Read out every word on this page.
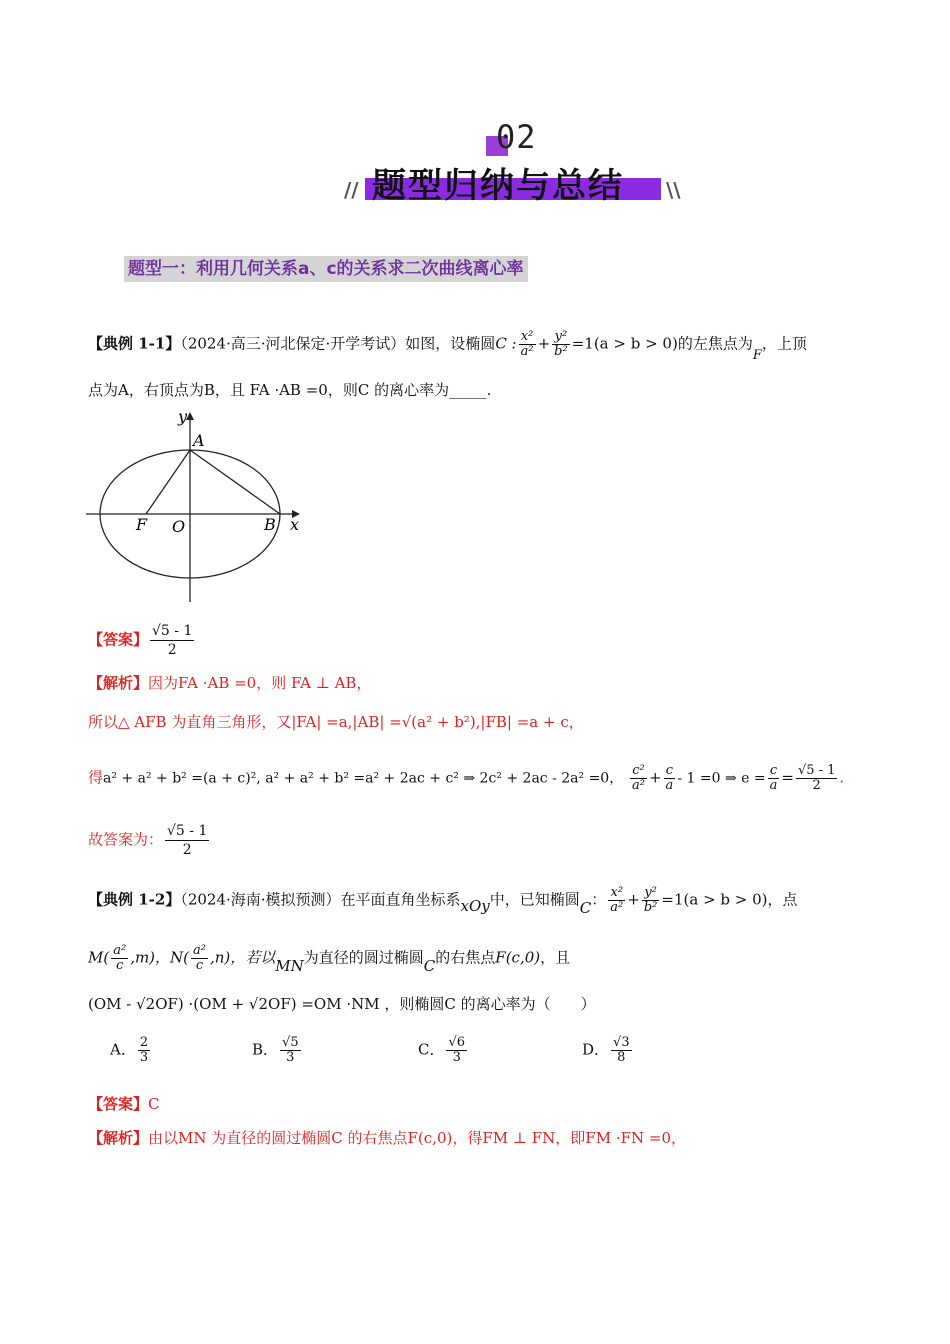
02
题型归纳与总结
//	\\
题型一：利用几何关系a、c的关系求二次曲线离心率
【典例 1-1】（2024·高三·河北保定·开学考试）如图，设椭圆C : $\frac{\text{x²}}{\text{a²}} + \frac{\text{y²}}{\text{b²}} =1(a > b > 0)$的左焦点为F，上顶
点为A，右顶点为B，且 FA ·AB =0，则C 的离心率为_____.
y
x
A
B
F O
【答案】 $\frac{√5 - 1}{2}$
【解析】因为FA ·AB =0，则 FA ⊥ AB，
所以△ AFB 为直角三角形，又|FA| =a,|AB| =√(a² + b²),|FB| =a + c，
得a² + a² + b² =(a + c)², a² + a² + b² =a² + 2ac + c² ⇒ 2c² + 2ac - 2a² =0， $\frac{\text{c²}}{\text{a²}} + \frac{c}{a} - 1 =0$ ⇒ $e = \frac{c}{a} = \frac{√5 - 1}{2}$ .
故答案为： $\frac{√5 - 1}{2}$
【典例 1-2】（2024·海南·模拟预测）在平面直角坐标系xOy中，已知椭圆C： $\frac{\text{x²}}{\text{a²}} + \frac{\text{y²}}{\text{b²}} =1(a > b > 0)$，点
$M( \frac{\text{a²}}{c} ,m)$，$N( \frac{\text{a²}}{c} ,n)$，若以MN为直径的圆过椭圆C的右焦点F(c,0)，且
(OM - √2OF) ·(OM + √2OF) =OM ·NM ，则椭圆C 的离心率为（　　）
A． $\frac{2}{3}$	B． $\frac{√5}{3}$	C． $\frac{√6}{3}$	D． $\frac{√3}{8}$
【答案】C
【解析】由以MN 为直径的圆过椭圆C 的右焦点F(c,0)，得FM ⊥ FN，即FM ·FN =0，
